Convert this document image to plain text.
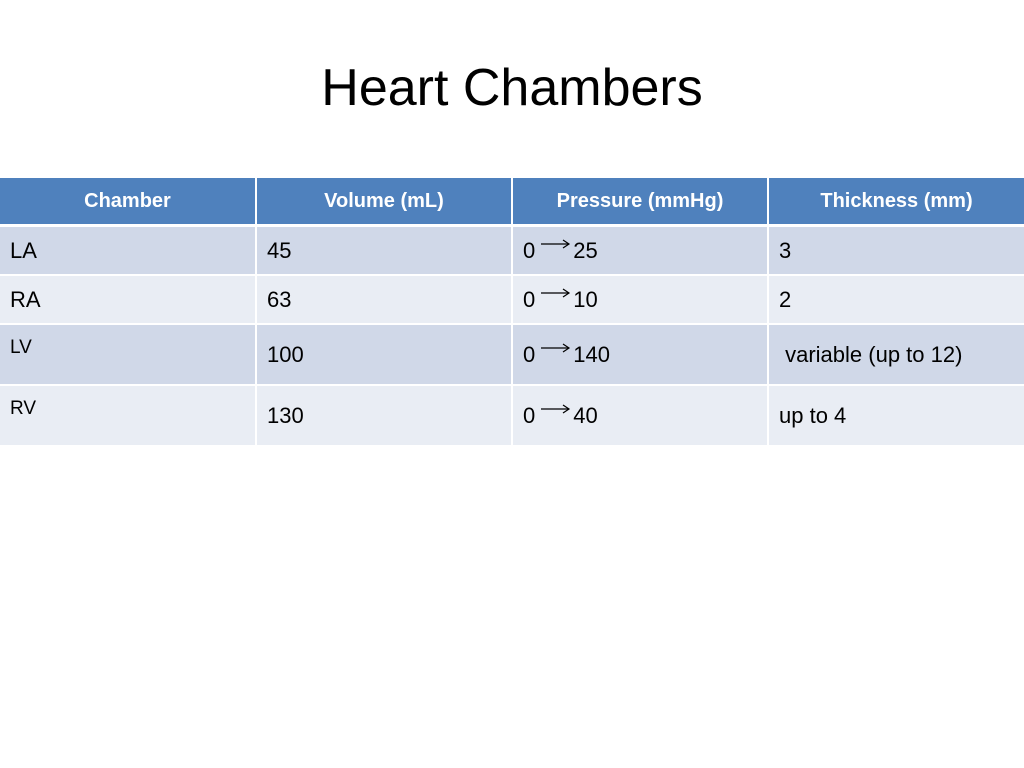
Heart Chambers
Chamber	Volume (mL)	Pressure (mmHg)	Thickness (mm)
LA	45	0 25	3
RA	63	0 10	2
LV	100	0 140	variable (up to 12)
RV	130	0 40	up to 4
